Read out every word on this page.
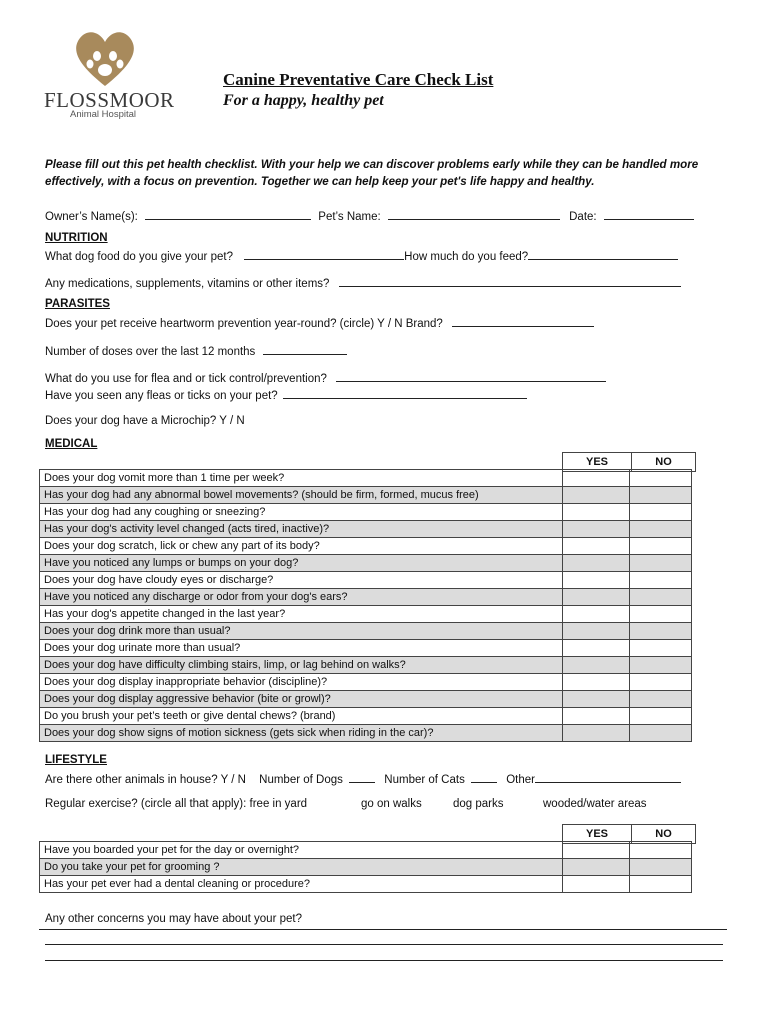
FLOSSMOOR
Animal Hospital
Canine Preventative Care Check List
For a happy, healthy pet
Please fill out this pet health checklist. With your help we can discover problems early while they can be handled more effectively, with a focus on prevention. Together we can help keep your pet's life happy and healthy.
Owner’s Name(s):	Pet’s Name:	Date:
NUTRITION
What dog food do you give your pet?	How much do you feed?
Any medications, supplements, vitamins or other items?
PARASITES
Does your pet receive heartworm prevention year-round? (circle) Y / N Brand?
Number of doses over the last 12 months
What do you use for flea and or tick control/prevention?
Have you seen any fleas or ticks on your pet?
Does your dog have a Microchip? Y / N
MEDICAL
YES	NO
Does your dog vomit more than 1 time per week?		
Has your dog had any abnormal bowel movements? (should be firm, formed, mucus free)		
Has your dog had any coughing or sneezing?		
Has your dog's activity level changed (acts tired, inactive)?		
Does your dog scratch, lick or chew any part of its body?		
Have you noticed any lumps or bumps on your dog?		
Does your dog have cloudy eyes or discharge?		
Have you noticed any discharge or odor from your dog's ears?		
Has your dog's appetite changed in the last year?		
Does your dog drink more than usual?		
Does your dog urinate more than usual?		
Does your dog have difficulty climbing stairs, limp, or lag behind on walks?		
Does your dog display inappropriate behavior (discipline)?		
Does your dog display aggressive behavior (bite or growl)?		
Do you brush your pet’s teeth or give dental chews? (brand)		
Does your dog show signs of motion sickness (gets sick when riding in the car)?		
LIFESTYLE
Are there other animals in house? Y / N Number of Dogs	Number of Cats	Other
Regular exercise? (circle all that apply): free in yard	go on walks	dog parks	wooded/water areas
YES	NO
Have you boarded your pet for the day or overnight?		
Do you take your pet for grooming ?		
Has your pet ever had a dental cleaning or procedure?		
Any other concerns you may have about your pet?
